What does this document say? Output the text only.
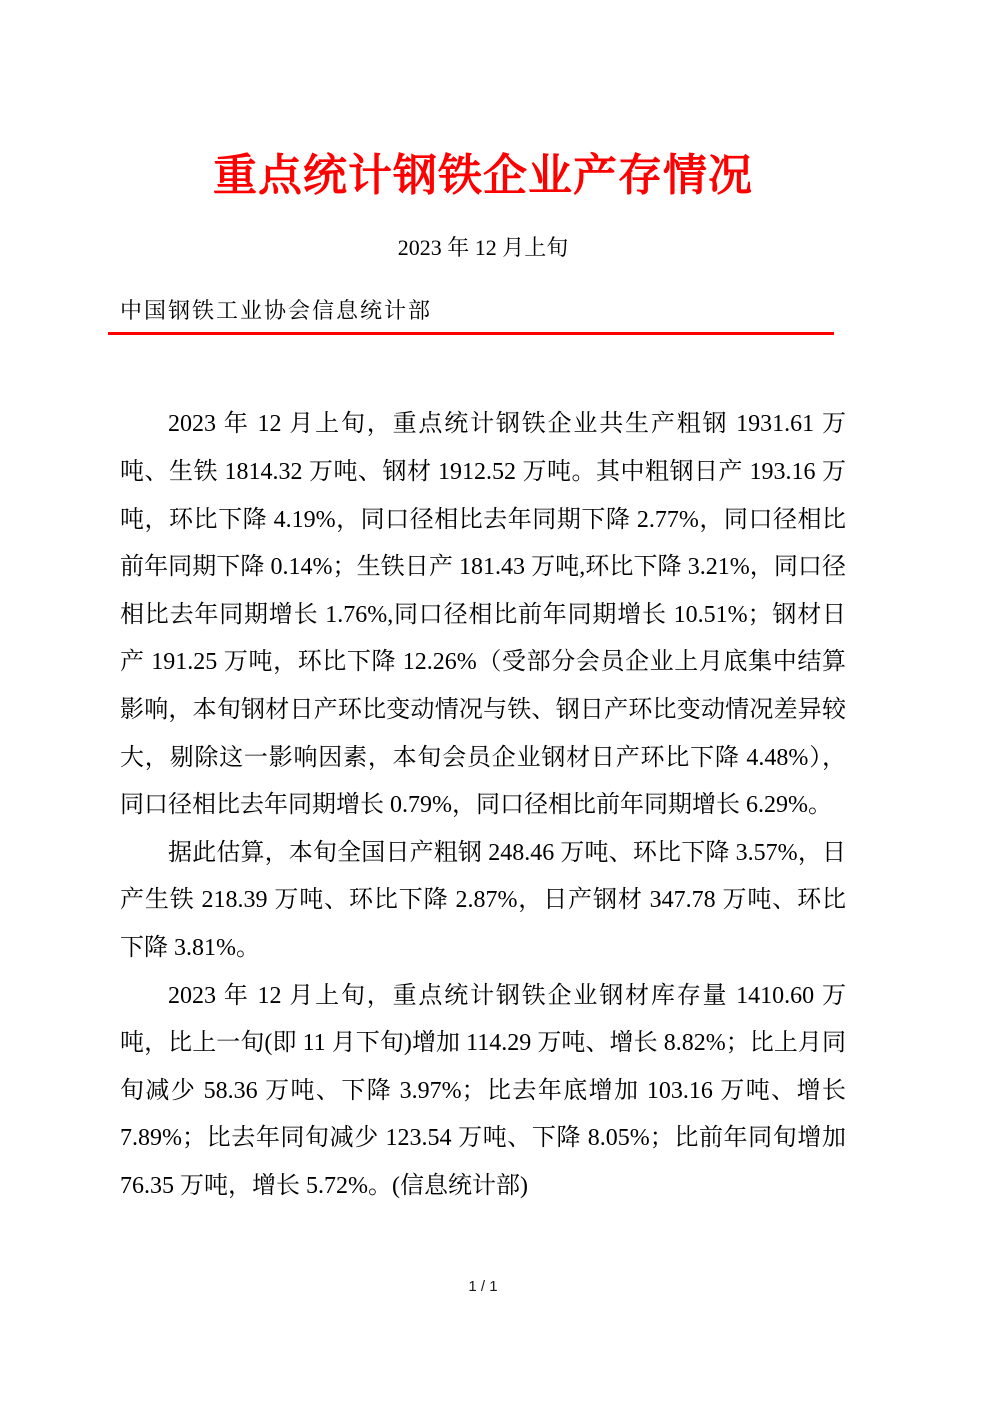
重点统计钢铁企业产存情况
2023 年 12 月上旬
中国钢铁工业协会信息统计部

2023 年 12 月上旬，重点统计钢铁企业共生产粗钢 1931.61 万吨、生铁 1814.32 万吨、钢材 1912.52 万吨。其中粗钢日产 193.16 万吨，环比下降 4.19%，同口径相比去年同期下降 2.77%，同口径相比前年同期下降 0.14%；生铁日产 181.43 万吨,环比下降 3.21%，同口径相比去年同期增长 1.76%,同口径相比前年同期增长 10.51%；钢材日产 191.25 万吨，环比下降 12.26%（受部分会员企业上月底集中结算影响，本旬钢材日产环比变动情况与铁、钢日产环比变动情况差异较大，剔除这一影响因素，本旬会员企业钢材日产环比下降 4.48%），同口径相比去年同期增长 0.79%，同口径相比前年同期增长 6.29%。

据此估算，本旬全国日产粗钢 248.46 万吨、环比下降 3.57%，日产生铁 218.39 万吨、环比下降 2.87%，日产钢材 347.78 万吨、环比下降 3.81%。

2023 年 12 月上旬，重点统计钢铁企业钢材库存量 1410.60 万吨，比上一旬(即 11 月下旬)增加 114.29 万吨、增长 8.82%；比上月同旬减少 58.36 万吨、下降 3.97%；比去年底增加 103.16 万吨、增长 7.89%；比去年同旬减少 123.54 万吨、下降 8.05%；比前年同旬增加 76.35 万吨，增长 5.72%。(信息统计部)

1 / 1
